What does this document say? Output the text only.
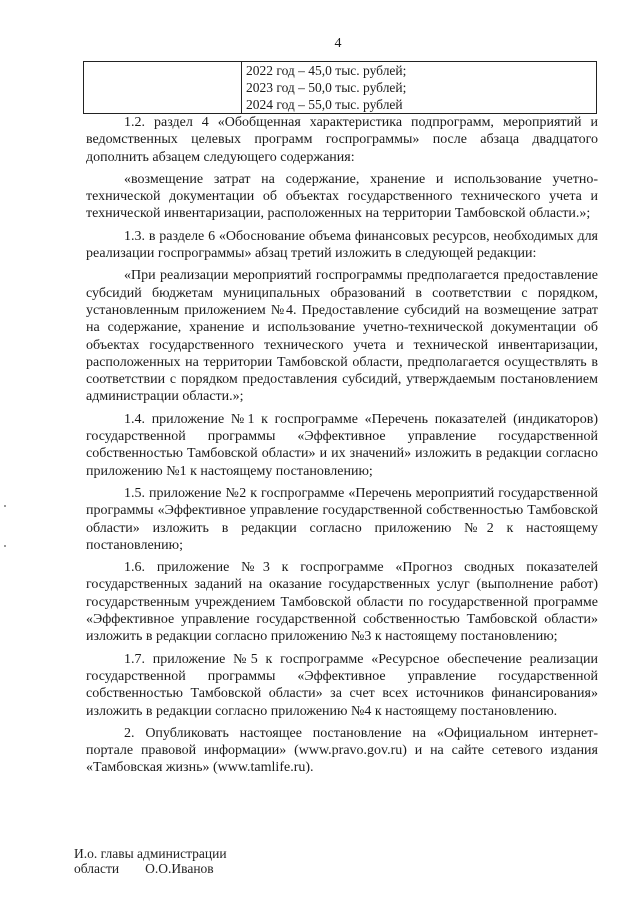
4

2022 год – 45,0 тыс. рублей;
2023 год – 50,0 тыс. рублей;
2024 год – 55,0 тыс. рублей

1.2. раздел 4 «Обобщенная характеристика подпрограмм, мероприятий и ведомственных целевых программ госпрограммы» после абзаца двадцатого дополнить абзацем следующего содержания:

«возмещение затрат на содержание, хранение и использование учетно-технической документации об объектах государственного технического учета и технической инвентаризации, расположенных на территории Тамбовской области.»;

1.3. в разделе 6 «Обоснование объема финансовых ресурсов, необходимых для реализации госпрограммы» абзац третий изложить в следующей редакции:

«При реализации мероприятий госпрограммы предполагается предоставление субсидий бюджетам муниципальных образований в соответствии с порядком, установленным приложением №4. Предоставление субсидий на возмещение затрат на содержание, хранение и использование учетно-технической документации об объектах государственного технического учета и технической инвентаризации, расположенных на территории Тамбовской области, предполагается осуществлять в соответствии с порядком предоставления субсидий, утверждаемым постановлением администрации области.»;

1.4. приложение №1 к госпрограмме «Перечень показателей (индикаторов) государственной программы «Эффективное управление государственной собственностью Тамбовской области» и их значений» изложить в редакции согласно приложению №1 к настоящему постановлению;

1.5. приложение №2 к госпрограмме «Перечень мероприятий государственной программы «Эффективное управление государственной собственностью Тамбовской области» изложить в редакции согласно приложению №2 к настоящему постановлению;

1.6. приложение №3 к госпрограмме «Прогноз сводных показателей государственных заданий на оказание государственных услуг (выполнение работ) государственным учреждением Тамбовской области по государственной программе «Эффективное управление государственной собственностью Тамбовской области» изложить в редакции согласно приложению №3 к настоящему постановлению;

1.7. приложение №5 к госпрограмме «Ресурсное обеспечение реализации государственной программы «Эффективное управление государственной собственностью Тамбовской области» за счет всех источников финансирования» изложить в редакции согласно приложению №4 к настоящему постановлению.

2. Опубликовать настоящее постановление на «Официальном интернет-портале правовой информации» (www.pravo.gov.ru) и на сайте сетевого издания «Тамбовская жизнь» (www.tamlife.ru).

И.о. главы администрации
области О.О.Иванов
